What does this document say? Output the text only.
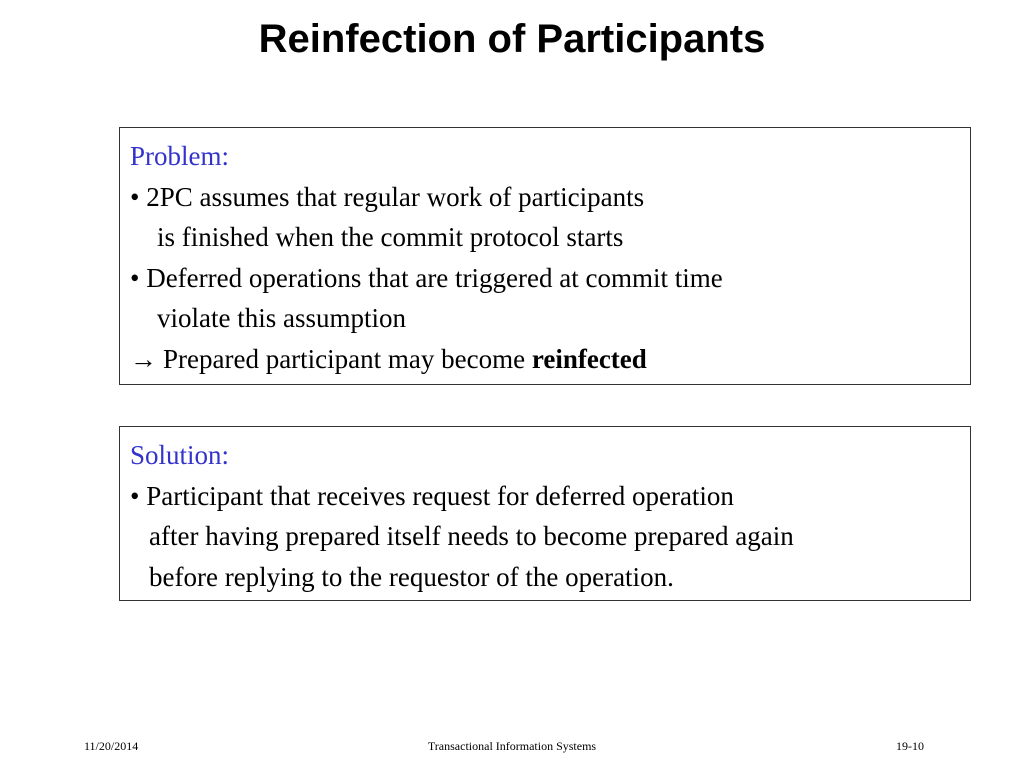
Reinfection of Participants
Problem:
• 2PC assumes that regular work of participants
is finished when the commit protocol starts
• Deferred operations that are triggered at commit time
violate this assumption
→ Prepared participant may become reinfected
Solution:
• Participant that receives request for deferred operation
after having prepared itself needs to become prepared again
before replying to the requestor of the operation.
11/20/2014	Transactional Information Systems	19-10
